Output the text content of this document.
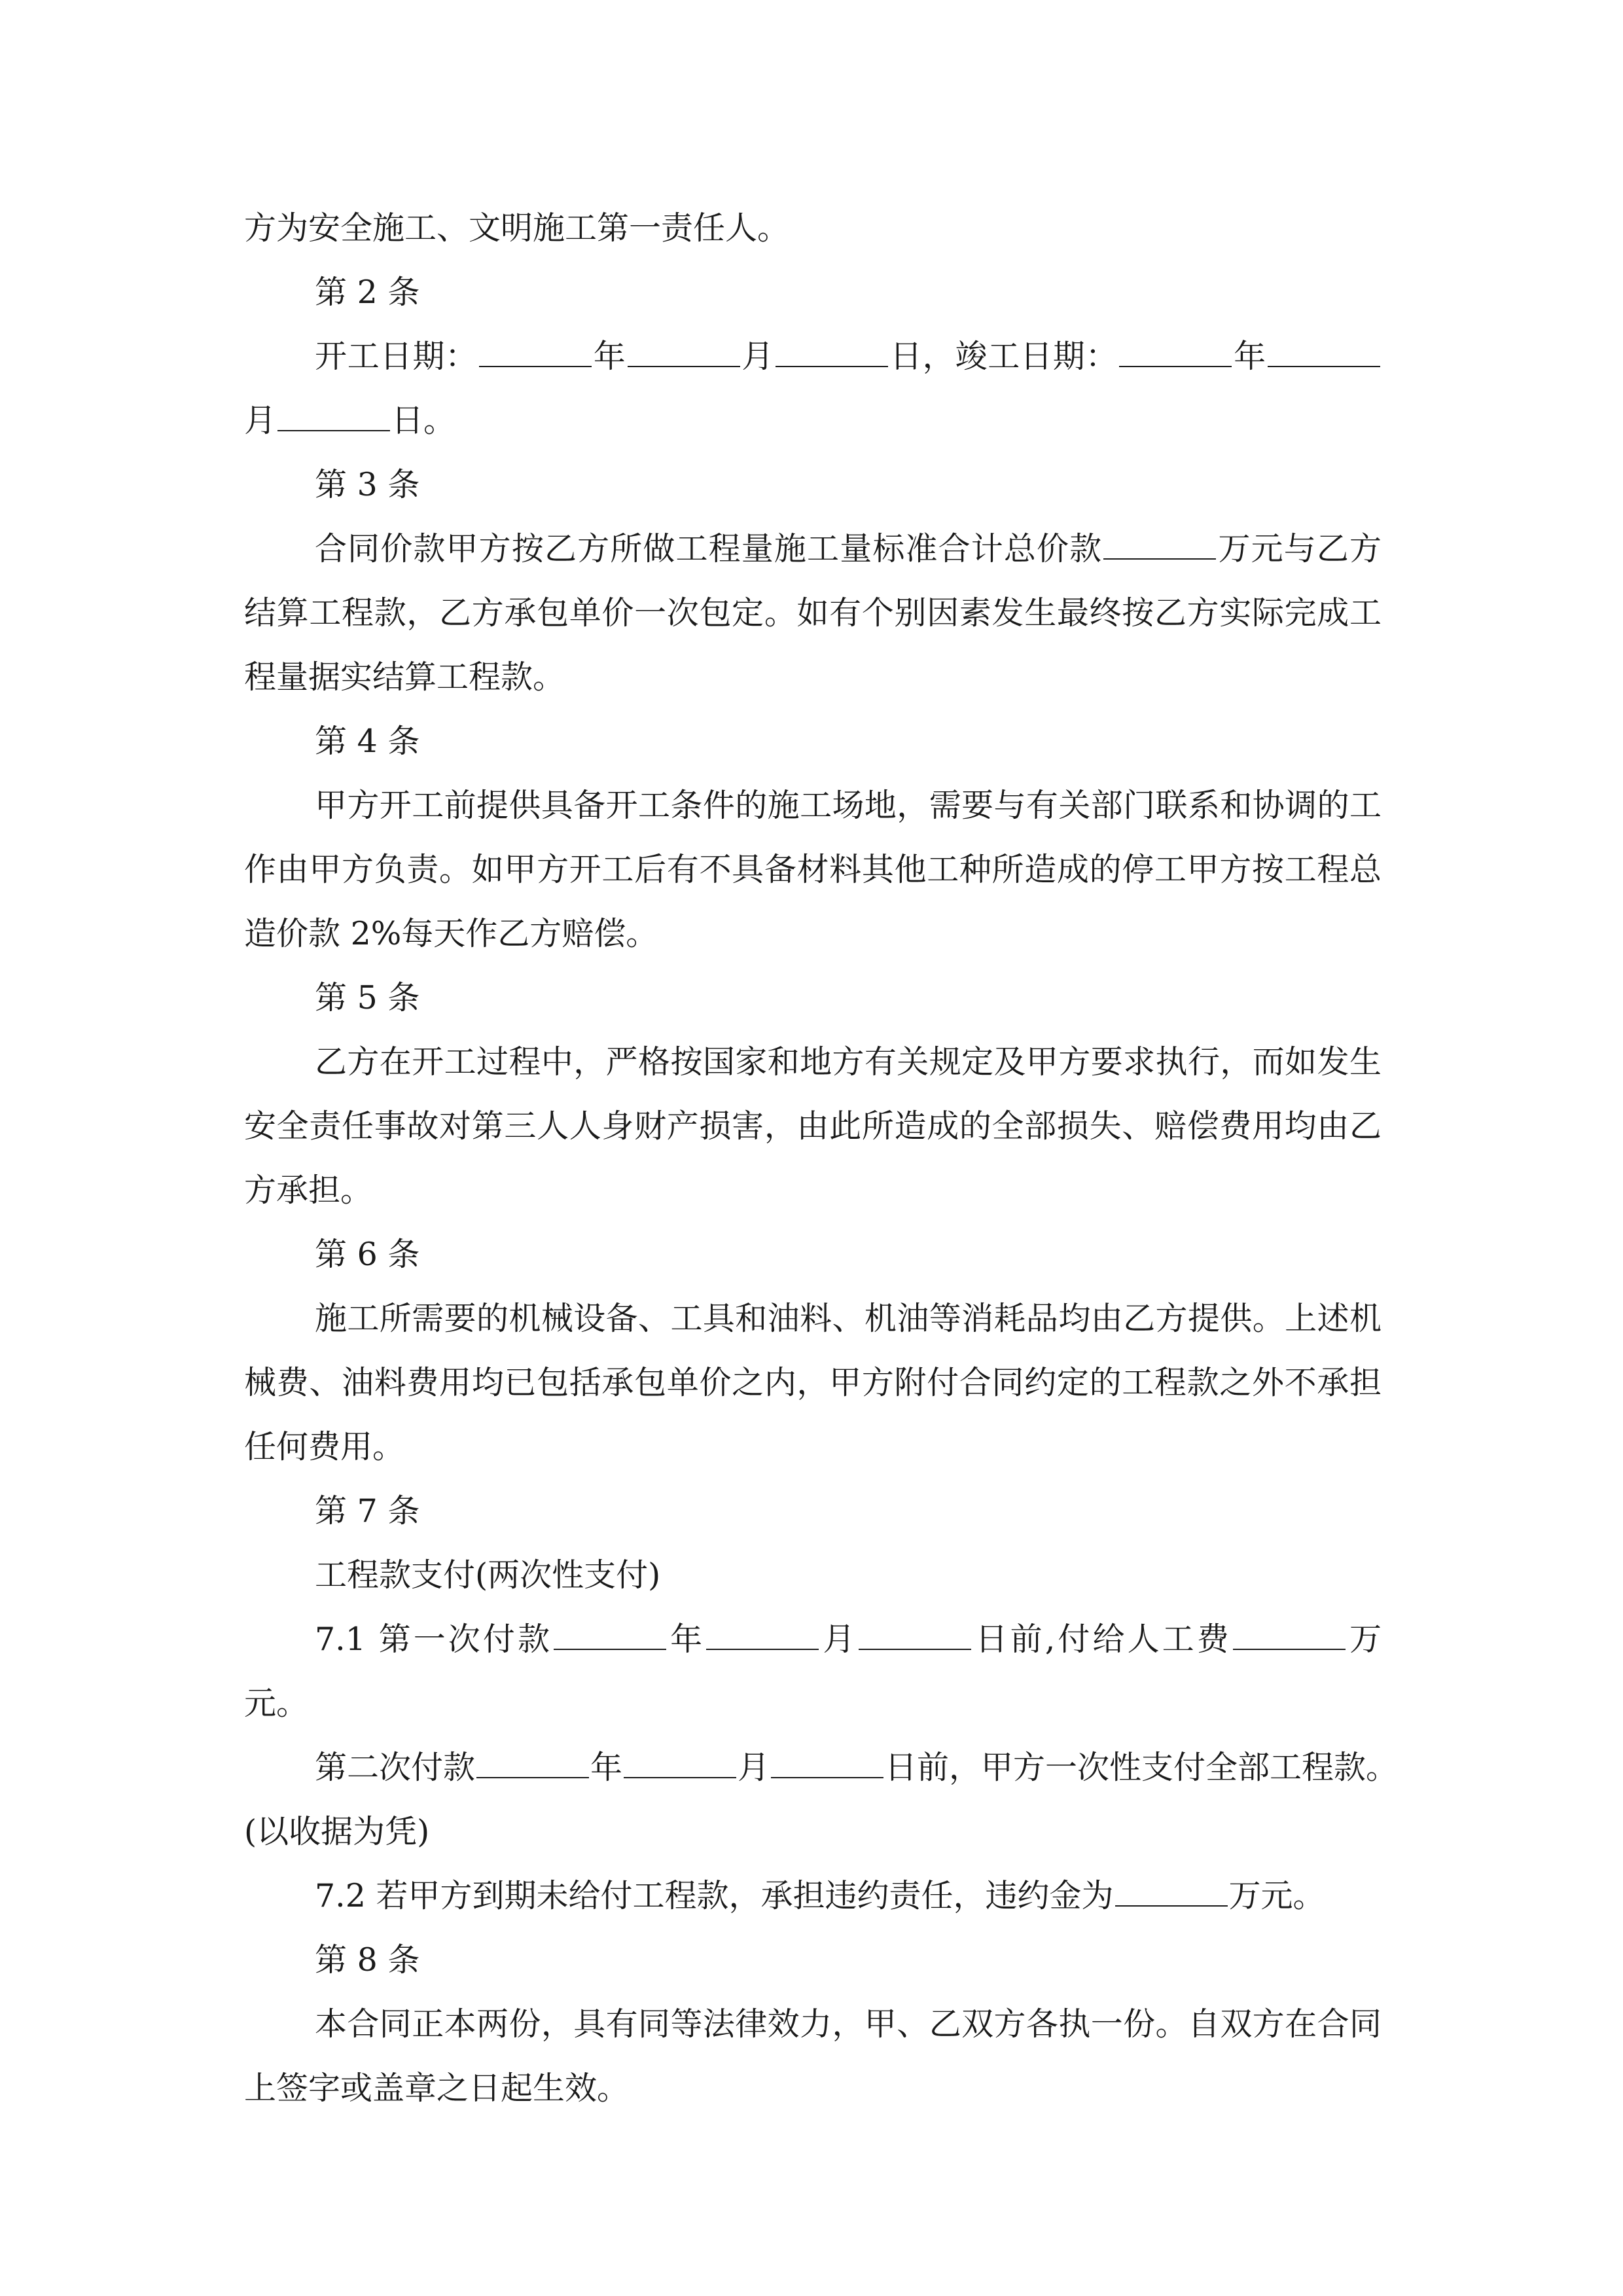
方为安全施工、文明施工第一责任人。

第 2 条

开工日期：	年	月	日，竣工日期：	年月	日。

第 3 条

合同价款甲方按乙方所做工程量施工量标准合计总价款	万元与乙方结算工程款，乙方承包单价一次包定。如有个别因素发生最终按乙方实际完成工程量据实结算工程款。

第 4 条

甲方开工前提供具备开工条件的施工场地，需要与有关部门联系和协调的工作由甲方负责。如甲方开工后有不具备材料其他工种所造成的停工甲方按工程总造价款 2%每天作乙方赔偿。

第 5 条

乙方在开工过程中，严格按国家和地方有关规定及甲方要求执行，而如发生安全责任事故对第三人人身财产损害，由此所造成的全部损失、赔偿费用均由乙方承担。

第 6 条

施工所需要的机械设备、工具和油料、机油等消耗品均由乙方提供。上述机械费、油料费用均已包括承包单价之内，甲方附付合同约定的工程款之外不承担任何费用。

第 7 条

工程款支付(两次性支付)

7.1 第一次付款	年	月	日前,付给人工费	万元。

第二次付款	年	月	日前，甲方一次性支付全部工程款。

(以收据为凭)

7.2 若甲方到期未给付工程款，承担违约责任，违约金为	万元。

第 8 条

本合同正本两份，具有同等法律效力，甲、乙双方各执一份。自双方在合同上签字或盖章之日起生效。
